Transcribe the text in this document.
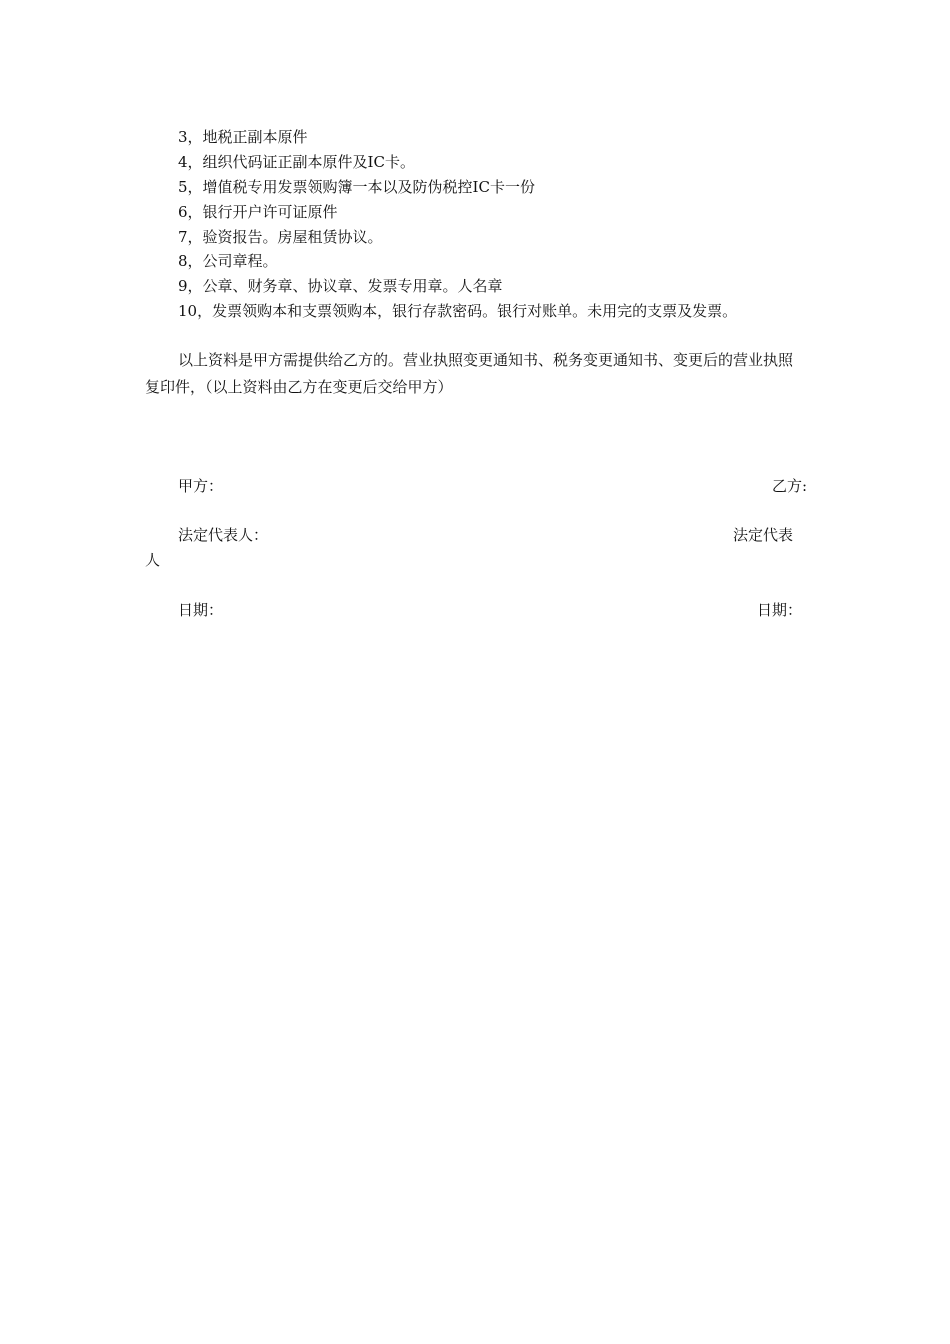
3，地税正副本原件
4，组织代码证正副本原件及IC卡。
5，增值税专用发票领购簿一本以及防伪税控IC卡一份
6，银行开户许可证原件
7，验资报告。房屋租赁协议。
8，公司章程。
9，公章、财务章、协议章、发票专用章。人名章
10，发票领购本和支票领购本，银行存款密码。银行对账单。未用完的支票及发票。
以上资料是甲方需提供给乙方的。营业执照变更通知书、税务变更通知书、变更后的营业执照复印件，（以上资料由乙方在变更后交给甲方）
甲方：	乙方:
法定代表人：	法定代表
人
日期：	日期：
